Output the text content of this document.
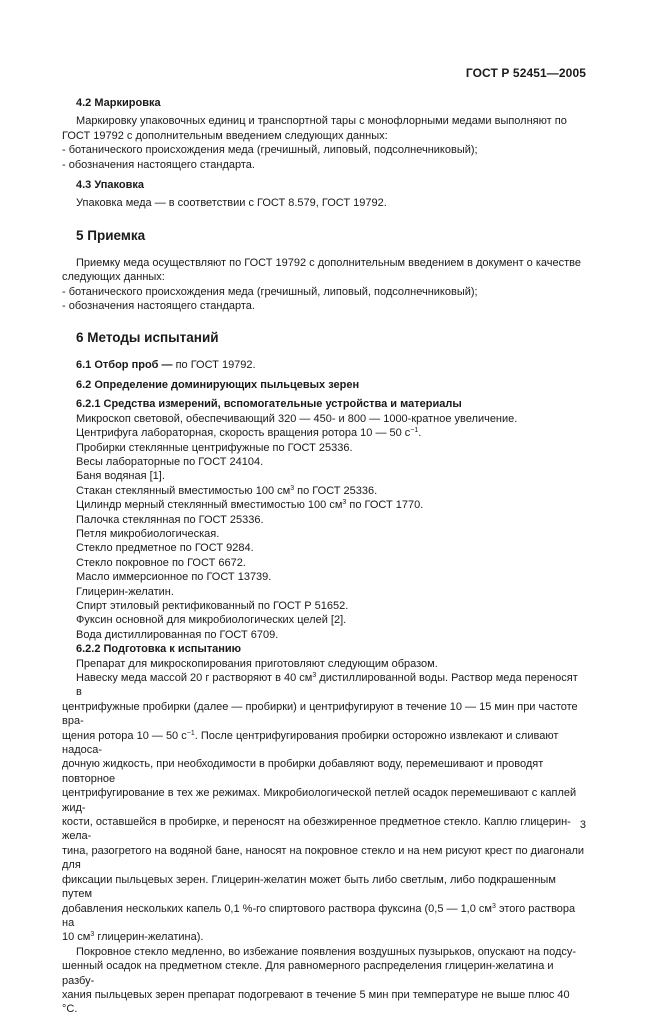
ГОСТ Р 52451—2005
4.2 Маркировка
Маркировку упаковочных единиц и транспортной тары с монофлорными медами выполняют по
ГОСТ 19792 с дополнительным введением следующих данных:
- ботанического происхождения меда (гречишный, липовый, подсолнечниковый);
- обозначения настоящего стандарта.
4.3 Упаковка
Упаковка меда — в соответствии с ГОСТ 8.579, ГОСТ 19792.
5 Приемка
Приемку меда осуществляют по ГОСТ 19792 с дополнительным введением в документ о качестве
следующих данных:
- ботанического происхождения меда (гречишный, липовый, подсолнечниковый);
- обозначения настоящего стандарта.
6 Методы испытаний
6.1 Отбор проб — по ГОСТ 19792.
6.2 Определение доминирующих пыльцевых зерен
6.2.1 Средства измерений, вспомогательные устройства и материалы
Микроскоп световой, обеспечивающий 320 — 450- и 800 — 1000-кратное увеличение.
Центрифуга лабораторная, скорость вращения ротора 10 — 50 $с^{-1}$.
Пробирки стеклянные центрифужные по ГОСТ 25336.
Весы лабораторные по ГОСТ 24104.
Баня водяная [1].
Стакан стеклянный вместимостью 100 $см^3$ по ГОСТ 25336.
Цилиндр мерный стеклянный вместимостью 100 $см^3$ по ГОСТ 1770.
Палочка стеклянная по ГОСТ 25336.
Петля микробиологическая.
Стекло предметное по ГОСТ 9284.
Стекло покровное по ГОСТ 6672.
Масло иммерсионное по ГОСТ 13739.
Глицерин-желатин.
Спирт этиловый ректификованный по ГОСТ Р 51652.
Фуксин основной для микробиологических целей [2].
Вода дистиллированная по ГОСТ 6709.
6.2.2 Подготовка к испытанию
Препарат для микроскопирования приготовляют следующим образом.
Навеску меда массой 20 г растворяют в 40 $см^3$ дистиллированной воды. Раствор меда переносят в
центрифужные пробирки (далее — пробирки) и центрифугируют в течение 10 — 15 мин при частоте вра-
щения ротора 10 — 50 $с^{-1}$. После центрифугирования пробирки осторожно извлекают и сливают надоса-
дочную жидкость, при необходимости в пробирки добавляют воду, перемешивают и проводят повторное
центрифугирование в тех же режимах. Микробиологической петлей осадок перемешивают с каплей жид-
кости, оставшейся в пробирке, и переносят на обезжиренное предметное стекло. Каплю глицерин-жела-
тина, разогретого на водяной бане, наносят на покровное стекло и на нем рисуют крест по диагонали для
фиксации пыльцевых зерен. Глицерин-желатин может быть либо светлым, либо подкрашенным путем
добавления нескольких капель 0,1 %-го спиртового раствора фуксина (0,5 — 1,0 $см^3$ этого раствора на
10 $см^3$ глицерин-желатина).
Покровное стекло медленно, во избежание появления воздушных пузырьков, опускают на подсу-
шенный осадок на предметном стекле. Для равномерного распределения глицерин-желатина и разбу-
хания пыльцевых зерен препарат подогревают в течение 5 мин при температуре не выше плюс 40 °С.
3
